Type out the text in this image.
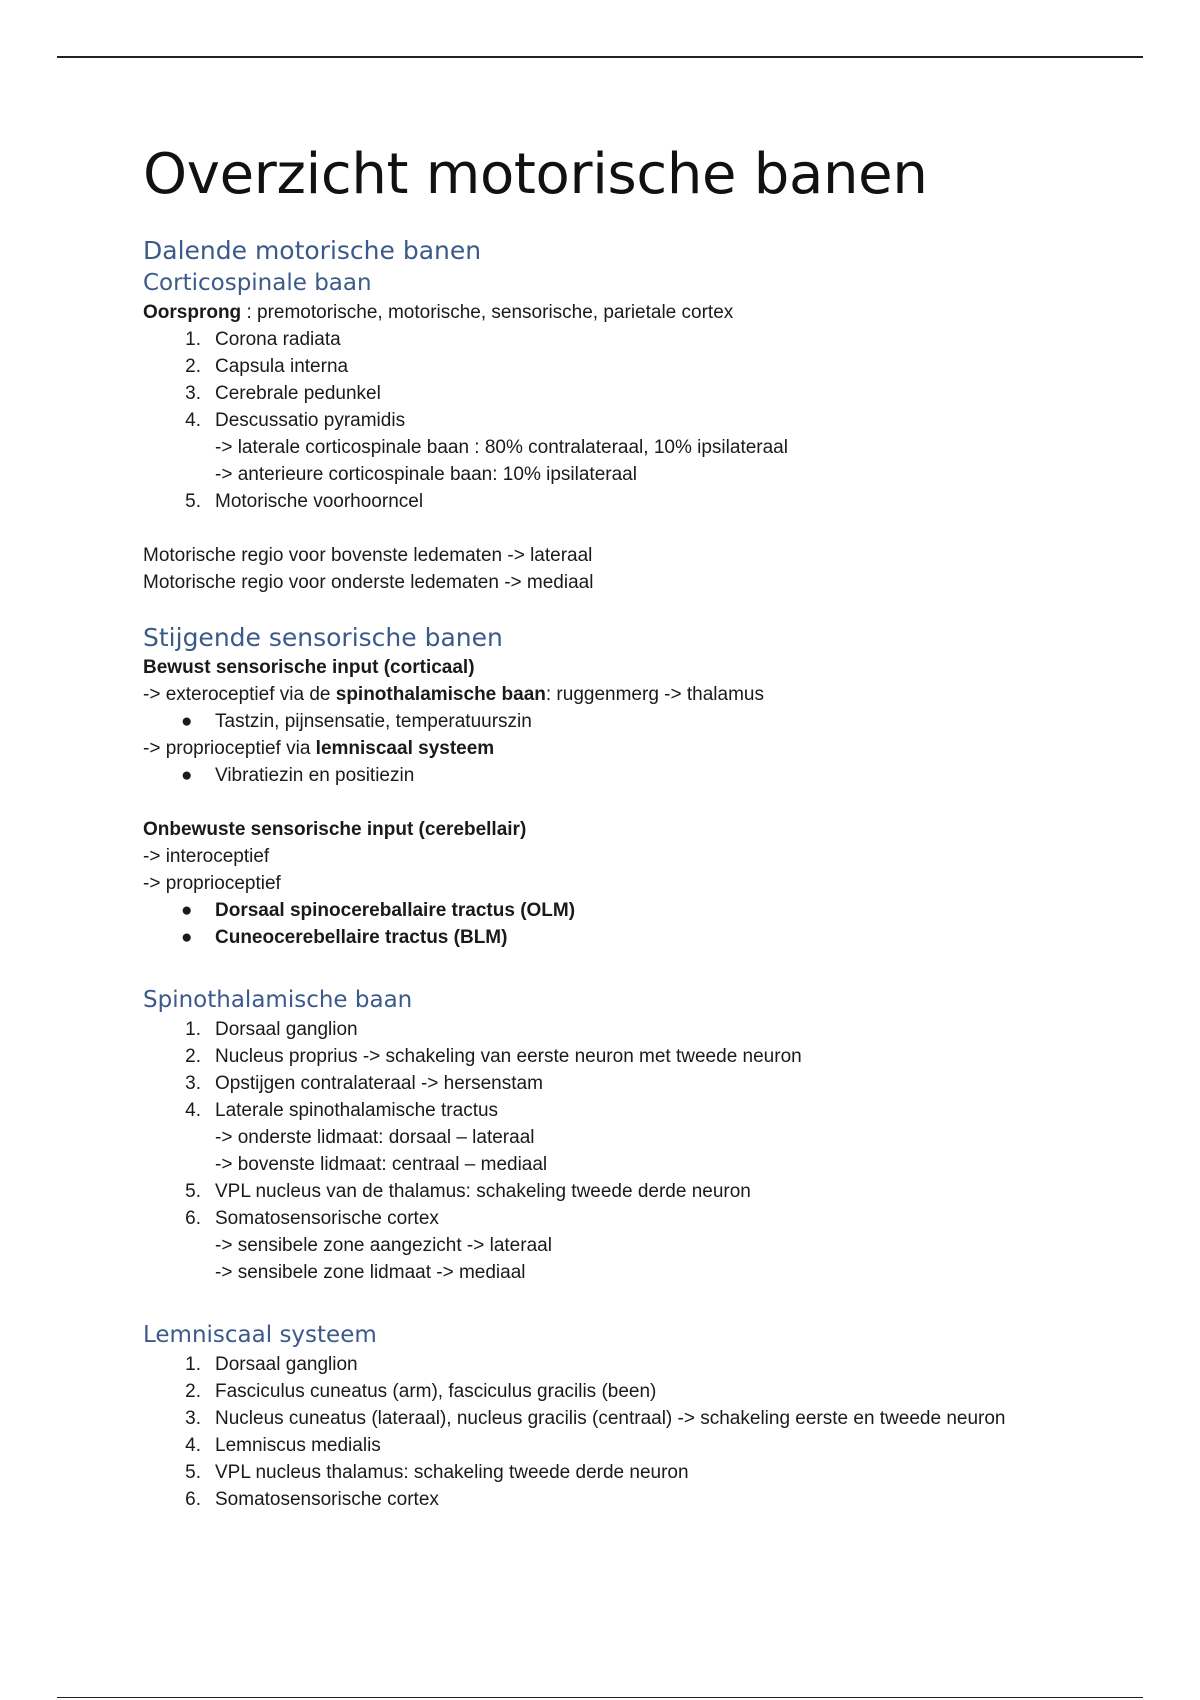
Overzicht motorische banen
Dalende motorische banen
Corticospinale baan

Oorsprong : premotorische, motorische, sensorische, parietale cortex

1. Corona radiata
2. Capsula interna
3. Cerebrale pedunkel
4. Descussatio pyramidis
-> laterale corticospinale baan : 80% contralateraal, 10% ipsilateraal
-> anterieure corticospinale baan: 10% ipsilateraal
5. Motorische voorhoorncel

Motorische regio voor bovenste ledematen -> lateraal

Motorische regio voor onderste ledematen -> mediaal

Stijgende sensorische banen

Bewust sensorische input (corticaal)

-> exteroceptief via de spinothalamische baan: ruggenmerg -> thalamus

● Tastzin, pijnsensatie, temperatuurszin

-> proprioceptief via lemniscaal systeem

● Vibratiezin en positiezin

Onbewuste sensorische input (cerebellair)

-> interoceptief

-> proprioceptief

● Dorsaal spinocereballaire tractus (OLM)
● Cuneocerebellaire tractus (BLM)
Spinothalamische baan
1. Dorsaal ganglion
2. Nucleus proprius -> schakeling van eerste neuron met tweede neuron
3. Opstijgen contralateraal -> hersenstam
4. Laterale spinothalamische tractus
-> onderste lidmaat: dorsaal – lateraal
-> bovenste lidmaat: centraal – mediaal
5. VPL nucleus van de thalamus: schakeling tweede derde neuron
6. Somatosensorische cortex
-> sensibele zone aangezicht -> lateraal
-> sensibele zone lidmaat -> mediaal
Lemniscaal systeem
1. Dorsaal ganglion
2. Fasciculus cuneatus (arm), fasciculus gracilis (been)
3. Nucleus cuneatus (lateraal), nucleus gracilis (centraal) -> schakeling eerste en tweede neuron
4. Lemniscus medialis
5. VPL nucleus thalamus: schakeling tweede derde neuron
6. Somatosensorische cortex
